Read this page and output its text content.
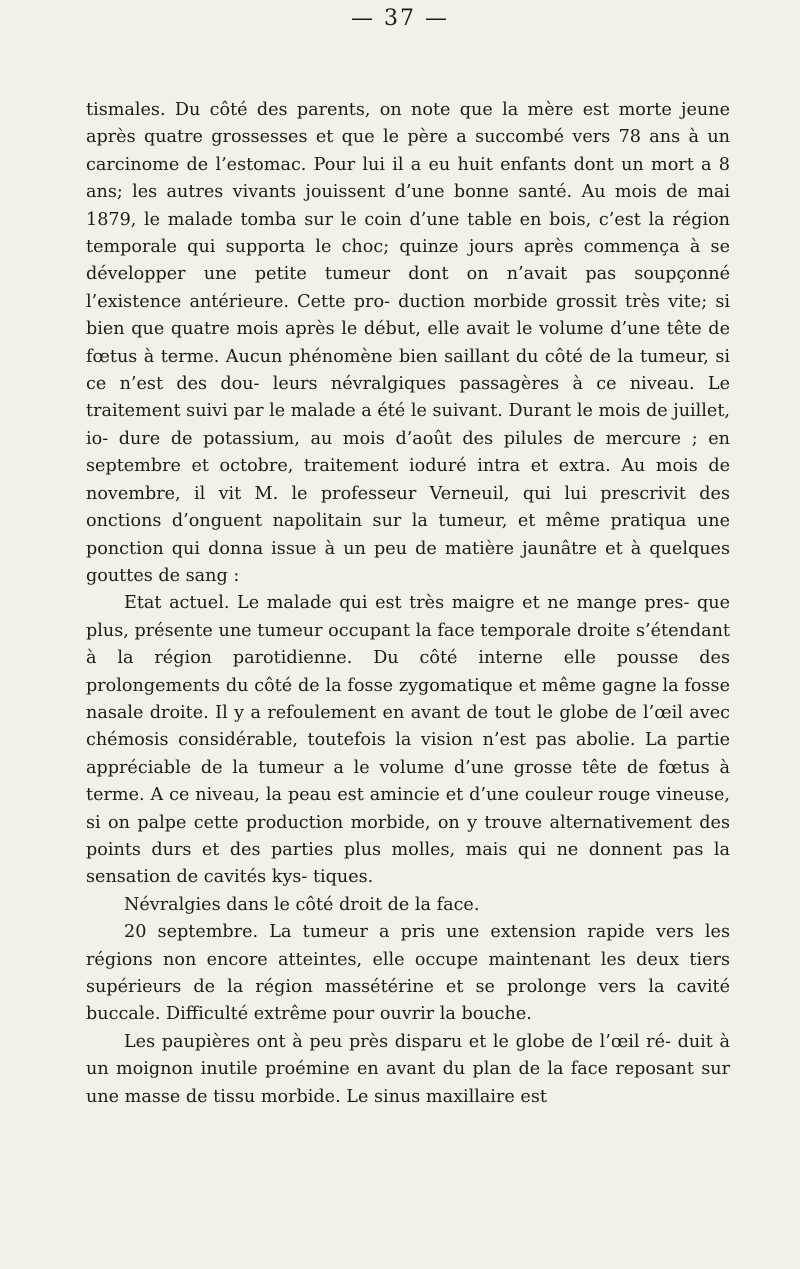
— 37 —

tismales. Du côté des parents, on note que la mère est morte jeune après quatre grossesses et que le père a succombé vers 78 ans à un carcinome de l’estomac. Pour lui il a eu huit enfants dont un mort a 8 ans; les autres vivants jouissent d’une bonne santé. Au mois de mai 1879, le malade tomba sur le coin d’une table en bois, c’est la région temporale qui supporta le choc; quinze jours après commença à se développer une petite tumeur dont on n’avait pas soupçonné l’existence antérieure. Cette pro- duction morbide grossit très vite; si bien que quatre mois après le début, elle avait le volume d’une tête de fœtus à terme. Aucun phénomène bien saillant du côté de la tumeur, si ce n’est des dou- leurs névralgiques passagères à ce niveau. Le traitement suivi par le malade a été le suivant. Durant le mois de juillet, io- dure de potassium, au mois d’août des pilules de mercure ; en septembre et octobre, traitement ioduré intra et extra. Au mois de novembre, il vit M. le professeur Verneuil, qui lui prescrivit des onctions d’onguent napolitain sur la tumeur, et même pratiqua une ponction qui donna issue à un peu de matière jaunâtre et à quelques gouttes de sang :

Etat actuel. Le malade qui est très maigre et ne mange pres- que plus, présente une tumeur occupant la face temporale droite s’étendant à la région parotidienne. Du côté interne elle pousse des prolongements du côté de la fosse zygomatique et même gagne la fosse nasale droite. Il y a refoulement en avant de tout le globe de l’œil avec chémosis considérable, toutefois la vision n’est pas abolie. La partie appréciable de la tumeur a le volume d’une grosse tête de fœtus à terme. A ce niveau, la peau est amincie et d’une couleur rouge vineuse, si on palpe cette production morbide, on y trouve alternativement des points durs et des parties plus molles, mais qui ne donnent pas la sensation de cavités kys- tiques.

Névralgies dans le côté droit de la face.

20 septembre. La tumeur a pris une extension rapide vers les régions non encore atteintes, elle occupe maintenant les deux tiers supérieurs de la région massétérine et se prolonge vers la cavité buccale. Difficulté extrême pour ouvrir la bouche.

Les paupières ont à peu près disparu et le globe de l’œil ré- duit à un moignon inutile proémine en avant du plan de la face reposant sur une masse de tissu morbide. Le sinus maxillaire est
